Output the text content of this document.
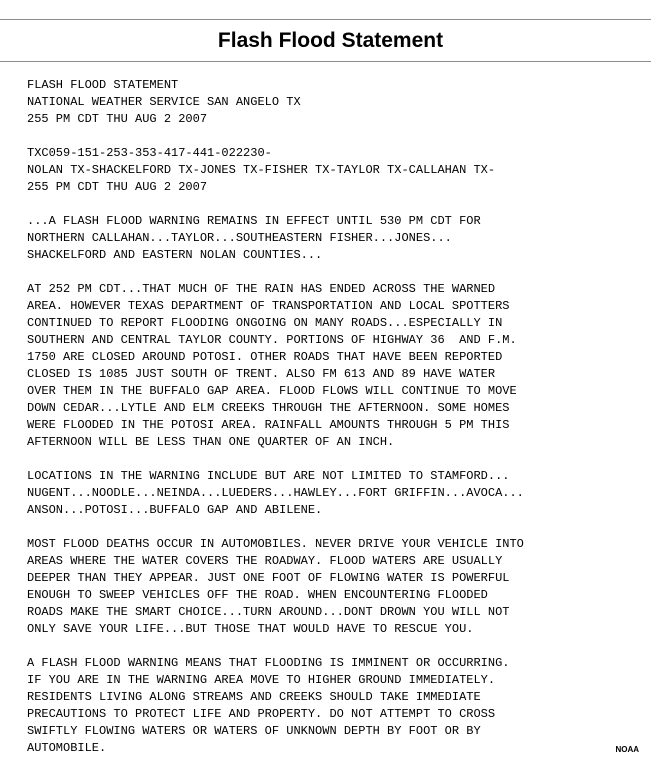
Flash Flood Statement
FLASH FLOOD STATEMENT
NATIONAL WEATHER SERVICE SAN ANGELO TX
255 PM CDT THU AUG 2 2007
TXC059-151-253-353-417-441-022230-
NOLAN TX-SHACKELFORD TX-JONES TX-FISHER TX-TAYLOR TX-CALLAHAN TX-
255 PM CDT THU AUG 2 2007
...A FLASH FLOOD WARNING REMAINS IN EFFECT UNTIL 530 PM CDT FOR
NORTHERN CALLAHAN...TAYLOR...SOUTHEASTERN FISHER...JONES...
SHACKELFORD AND EASTERN NOLAN COUNTIES...
AT 252 PM CDT...THAT MUCH OF THE RAIN HAS ENDED ACROSS THE WARNED
AREA. HOWEVER TEXAS DEPARTMENT OF TRANSPORTATION AND LOCAL SPOTTERS
CONTINUED TO REPORT FLOODING ONGOING ON MANY ROADS...ESPECIALLY IN
SOUTHERN AND CENTRAL TAYLOR COUNTY. PORTIONS OF HIGHWAY 36  AND F.M.
1750 ARE CLOSED AROUND POTOSI. OTHER ROADS THAT HAVE BEEN REPORTED
CLOSED IS 1085 JUST SOUTH OF TRENT. ALSO FM 613 AND 89 HAVE WATER
OVER THEM IN THE BUFFALO GAP AREA. FLOOD FLOWS WILL CONTINUE TO MOVE
DOWN CEDAR...LYTLE AND ELM CREEKS THROUGH THE AFTERNOON. SOME HOMES
WERE FLOODED IN THE POTOSI AREA. RAINFALL AMOUNTS THROUGH 5 PM THIS
AFTERNOON WILL BE LESS THAN ONE QUARTER OF AN INCH.
LOCATIONS IN THE WARNING INCLUDE BUT ARE NOT LIMITED TO STAMFORD...
NUGENT...NOODLE...NEINDA...LUEDERS...HAWLEY...FORT GRIFFIN...AVOCA...
ANSON...POTOSI...BUFFALO GAP AND ABILENE.
MOST FLOOD DEATHS OCCUR IN AUTOMOBILES. NEVER DRIVE YOUR VEHICLE INTO
AREAS WHERE THE WATER COVERS THE ROADWAY. FLOOD WATERS ARE USUALLY
DEEPER THAN THEY APPEAR. JUST ONE FOOT OF FLOWING WATER IS POWERFUL
ENOUGH TO SWEEP VEHICLES OFF THE ROAD. WHEN ENCOUNTERING FLOODED
ROADS MAKE THE SMART CHOICE...TURN AROUND...DONT DROWN YOU WILL NOT
ONLY SAVE YOUR LIFE...BUT THOSE THAT WOULD HAVE TO RESCUE YOU.
A FLASH FLOOD WARNING MEANS THAT FLOODING IS IMMINENT OR OCCURRING.
IF YOU ARE IN THE WARNING AREA MOVE TO HIGHER GROUND IMMEDIATELY.
RESIDENTS LIVING ALONG STREAMS AND CREEKS SHOULD TAKE IMMEDIATE
PRECAUTIONS TO PROTECT LIFE AND PROPERTY. DO NOT ATTEMPT TO CROSS
SWIFTLY FLOWING WATERS OR WATERS OF UNKNOWN DEPTH BY FOOT OR BY
AUTOMOBILE.	NOAA
